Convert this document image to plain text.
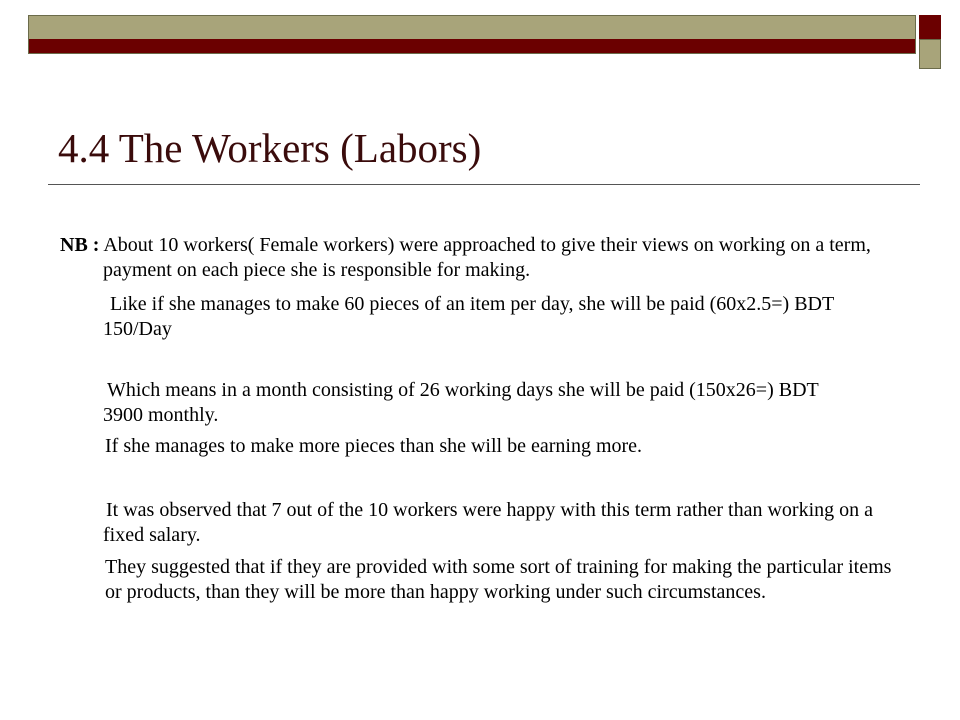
4.4 The Workers (Labors)

NB : About 10 workers( Female workers) were approached to give their views on working on a term, payment on each piece she is responsible for making.

Like if she manages to make 60 pieces of an item per day, she will be paid (60x2.5=) BDT 150/Day

Which means in a month consisting of 26 working days she will be paid (150x26=) BDT 3900 monthly.

If she manages to make more pieces than she will be earning more.

It was observed that 7 out of the 10 workers were happy with this term rather than working on a fixed salary.

They suggested that if they are provided with some sort of training for making the particular items or products, than they will be more than happy working under such circumstances.
